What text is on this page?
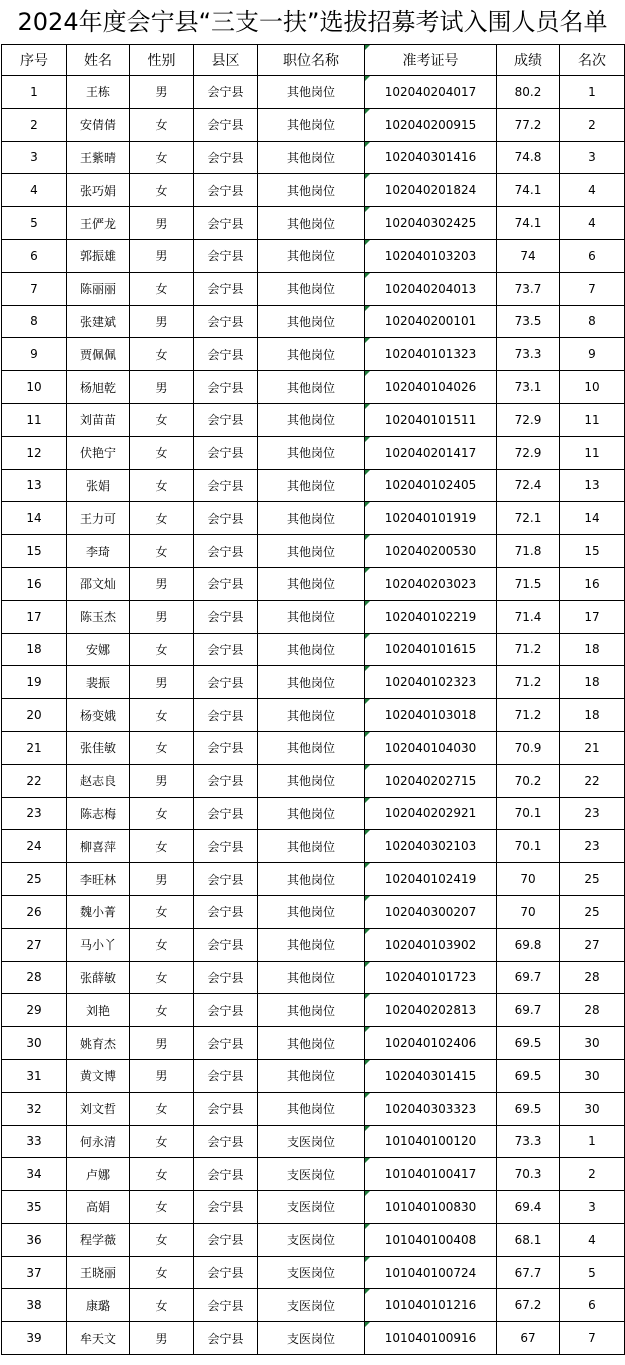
2024年度会宁县“三支一扶”选拔招募考试入围人员名单
序号	姓名	性别	县区	职位名称	准考证号	成绩	名次
1	王栋	男	会宁县	其他岗位	102040204017	80.2	1
2	安倩倩	女	会宁县	其他岗位	102040200915	77.2	2
3	王紫晴	女	会宁县	其他岗位	102040301416	74.8	3
4	张巧娟	女	会宁县	其他岗位	102040201824	74.1	4
5	王俨龙	男	会宁县	其他岗位	102040302425	74.1	4
6	郭振雄	男	会宁县	其他岗位	102040103203	74	6
7	陈丽丽	女	会宁县	其他岗位	102040204013	73.7	7
8	张建斌	男	会宁县	其他岗位	102040200101	73.5	8
9	贾佩佩	女	会宁县	其他岗位	102040101323	73.3	9
10	杨旭乾	男	会宁县	其他岗位	102040104026	73.1	10
11	刘苗苗	女	会宁县	其他岗位	102040101511	72.9	11
12	伏艳宁	女	会宁县	其他岗位	102040201417	72.9	11
13	张娟	女	会宁县	其他岗位	102040102405	72.4	13
14	王力可	女	会宁县	其他岗位	102040101919	72.1	14
15	李琦	女	会宁县	其他岗位	102040200530	71.8	15
16	邵文灿	男	会宁县	其他岗位	102040203023	71.5	16
17	陈玉杰	男	会宁县	其他岗位	102040102219	71.4	17
18	安娜	女	会宁县	其他岗位	102040101615	71.2	18
19	裴振	男	会宁县	其他岗位	102040102323	71.2	18
20	杨变娥	女	会宁县	其他岗位	102040103018	71.2	18
21	张佳敏	女	会宁县	其他岗位	102040104030	70.9	21
22	赵志良	男	会宁县	其他岗位	102040202715	70.2	22
23	陈志梅	女	会宁县	其他岗位	102040202921	70.1	23
24	柳喜萍	女	会宁县	其他岗位	102040302103	70.1	23
25	李旺林	男	会宁县	其他岗位	102040102419	70	25
26	魏小菁	女	会宁县	其他岗位	102040300207	70	25
27	马小丫	女	会宁县	其他岗位	102040103902	69.8	27
28	张薛敏	女	会宁县	其他岗位	102040101723	69.7	28
29	刘艳	女	会宁县	其他岗位	102040202813	69.7	28
30	姚育杰	男	会宁县	其他岗位	102040102406	69.5	30
31	黄文博	男	会宁县	其他岗位	102040301415	69.5	30
32	刘文哲	女	会宁县	其他岗位	102040303323	69.5	30
33	何永清	女	会宁县	支医岗位	101040100120	73.3	1
34	卢娜	女	会宁县	支医岗位	101040100417	70.3	2
35	高娟	女	会宁县	支医岗位	101040100830	69.4	3
36	程学薇	女	会宁县	支医岗位	101040100408	68.1	4
37	王晓丽	女	会宁县	支医岗位	101040100724	67.7	5
38	康璐	女	会宁县	支医岗位	101040101216	67.2	6
39	牟天文	男	会宁县	支医岗位	101040100916	67	7
